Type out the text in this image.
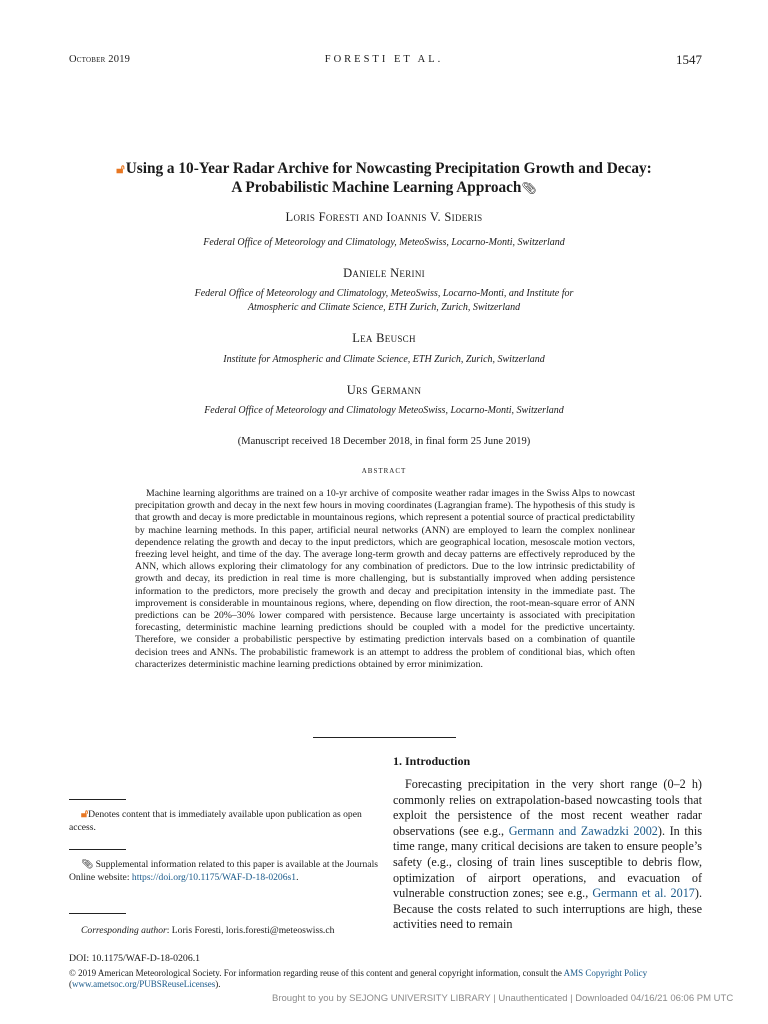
October 2019	FORESTI ET AL.	1547
🔓︎Using a 10-Year Radar Archive for Nowcasting Precipitation Growth and Decay:
A Probabilistic Machine Learning Approach📎︎
Loris Foresti and Ioannis V. Sideris
Federal Office of Meteorology and Climatology, MeteoSwiss, Locarno-Monti, Switzerland
Daniele Nerini
Federal Office of Meteorology and Climatology, MeteoSwiss, Locarno-Monti, and Institute for
Atmospheric and Climate Science, ETH Zurich, Zurich, Switzerland
Lea Beusch
Institute for Atmospheric and Climate Science, ETH Zurich, Zurich, Switzerland
Urs Germann
Federal Office of Meteorology and Climatology MeteoSwiss, Locarno-Monti, Switzerland
(Manuscript received 18 December 2018, in final form 25 June 2019)
abstract
Machine learning algorithms are trained on a 10-yr archive of composite weather radar images in the Swiss Alps to nowcast precipitation growth and decay in the next few hours in moving coordinates (Lagrangian frame). The hypothesis of this study is that growth and decay is more predictable in mountainous regions, which represent a potential source of practical predictability by machine learning methods. In this paper, artificial neural networks (ANN) are employed to learn the complex nonlinear dependence relating the growth and decay to the input predictors, which are geographical location, mesoscale motion vectors, freezing level height, and time of the day. The average long-term growth and decay patterns are effectively reproduced by the ANN, which allows exploring their climatology for any combination of predictors. Due to the low intrinsic predictability of growth and decay, its prediction in real time is more challenging, but is substantially improved when adding persistence information to the predictors, more precisely the growth and decay and precipitation intensity in the immediate past. The improvement is considerable in mountainous regions, where, depending on flow direction, the root-mean-square error of ANN predictions can be 20%–30% lower compared with persistence. Because large uncertainty is associated with precipitation forecasting, deterministic machine learning predictions should be coupled with a model for the predictive uncertainty. Therefore, we consider a probabilistic perspective by estimating prediction intervals based on a combination of quantile decision trees and ANNs. The probabilistic framework is an attempt to address the problem of conditional bias, which often characterizes deterministic machine learning predictions obtained by error minimization.
1. Introduction
Forecasting precipitation in the very short range (0–2 h) commonly relies on extrapolation-based nowcasting tools that exploit the persistence of the most recent weather radar observations (see e.g., Germann and Zawadzki 2002). In this time range, many critical decisions are taken to ensure people’s safety (e.g., closing of train lines susceptible to debris flow, optimization of airport operations, and evacuation of vulnerable construction zones; see e.g., Germann et al. 2017). Because the costs related to such interruptions are high, these activities need to remain
🔓︎Denotes content that is immediately available upon publication as open access.
📎︎ Supplemental information related to this paper is available at the Journals Online website: https://doi.org/10.1175/WAF-D-18-0206s1.
Corresponding author: Loris Foresti, loris.foresti@meteoswiss.ch
DOI: 10.1175/WAF-D-18-0206.1
© 2019 American Meteorological Society. For information regarding reuse of this content and general copyright information, consult the AMS Copyright Policy (www.ametsoc.org/PUBSReuseLicenses).
Brought to you by SEJONG UNIVERSITY LIBRARY | Unauthenticated | Downloaded 04/16/21 06:06 PM UTC
